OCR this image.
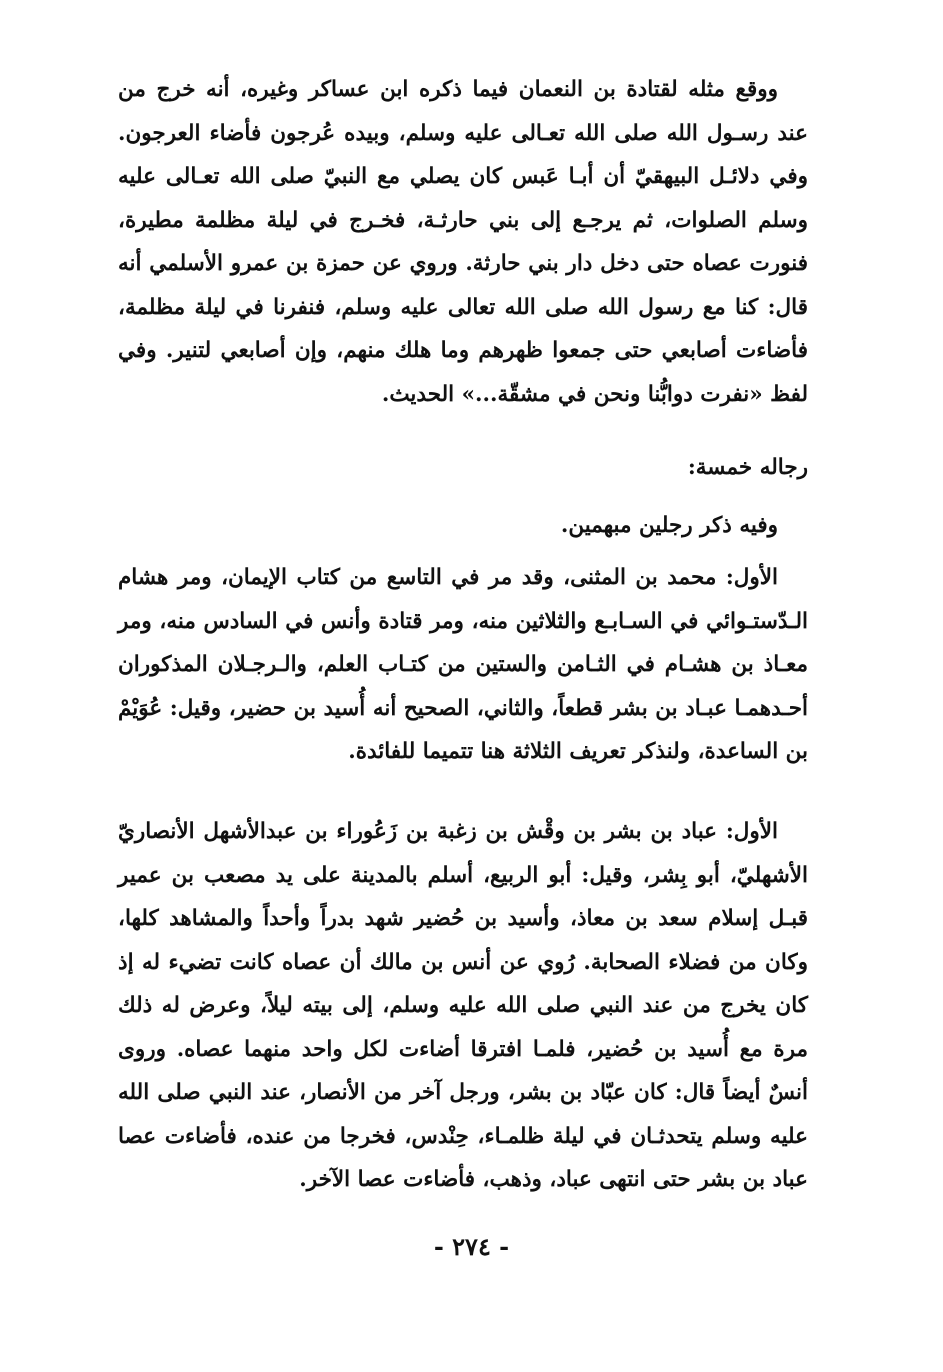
ووقع مثله لقتادة بن النعمان فيما ذكره ابن عساكر وغيره، أنه خرج من عند رسـول الله صلى الله تعـالى عليه وسلم، وبيده عُرجون فأضاء العرجون. وفي دلائـل البيهقيّ أن أبـا عَبس كان يصلي مع النبيّ صلى الله تعـالى عليه وسلم الصلوات، ثم يرجـع إلى بني حارثـة، فخـرج في ليلة مظلمة مطيرة، فنورت عصاه حتى دخل دار بني حارثة. وروي عن حمزة بن عمرو الأسلمي أنه قال: كنا مع رسول الله صلى الله تعالى عليه وسلم، فنفرنا في ليلة مظلمة، فأضاءت أصابعي حتى جمعوا ظهرهم وما هلك منهم، وإن أصابعي لتنير. وفي لفظ «نفرت دوابُّنا ونحن في مشقّة...» الحديث.

رجاله خمسة:

وفيه ذكر رجلين مبهمين.

الأول: محمد بن المثنى، وقد مر في التاسع من كتاب الإيمان، ومر هشام الـدّستـوائي في السـابـع والثلاثين منه، ومر قتادة وأنس في السادس منه، ومر معـاذ بن هشـام في الثـامن والستين من كتـاب العلم، والـرجـلان المذكوران أحـدهمـا عبـاد بن بشر قطعاً، والثاني، الصحيح أنه أُسيد بن حضير، وقيل: عُوَيْمْ بن الساعدة، ولنذكر تعريف الثلاثة هنا تتميما للفائدة.

الأول: عباد بن بشر بن وقْش بن زغبة بن زَعُوراء بن عبدالأشهل الأنصاريّ الأشهليّ، أبو بِشر، وقيل: أبو الربيع، أسلم بالمدينة على يد مصعب بن عمير قبـل إسلام سعد بن معاذ، وأسيد بن حُضير شهد بدراً وأحداً والمشاهد كلها، وكان من فضلاء الصحابة. رُوي عن أنس بن مالك أن عصاه كانت تضيء له إذ كان يخرج من عند النبي صلى الله عليه وسلم، إلى بيته ليلاً، وعرض له ذلك مرة مع أُسيد بن حُضير، فلمـا افترقا أضاءت لكل واحد منهما عصاه. وروى أنسٌ أيضاً قال: كان عبّاد بن بشر، ورجل آخر من الأنصار، عند النبي صلى الله عليه وسلم يتحدثـان في ليلة ظلمـاء، حِنْدس، فخرجا من عنده، فأضاءت عصا عباد بن بشر حتى انتهى عباد، وذهب، فأضاءت عصا الآخر.

- ٢٧٤ -
